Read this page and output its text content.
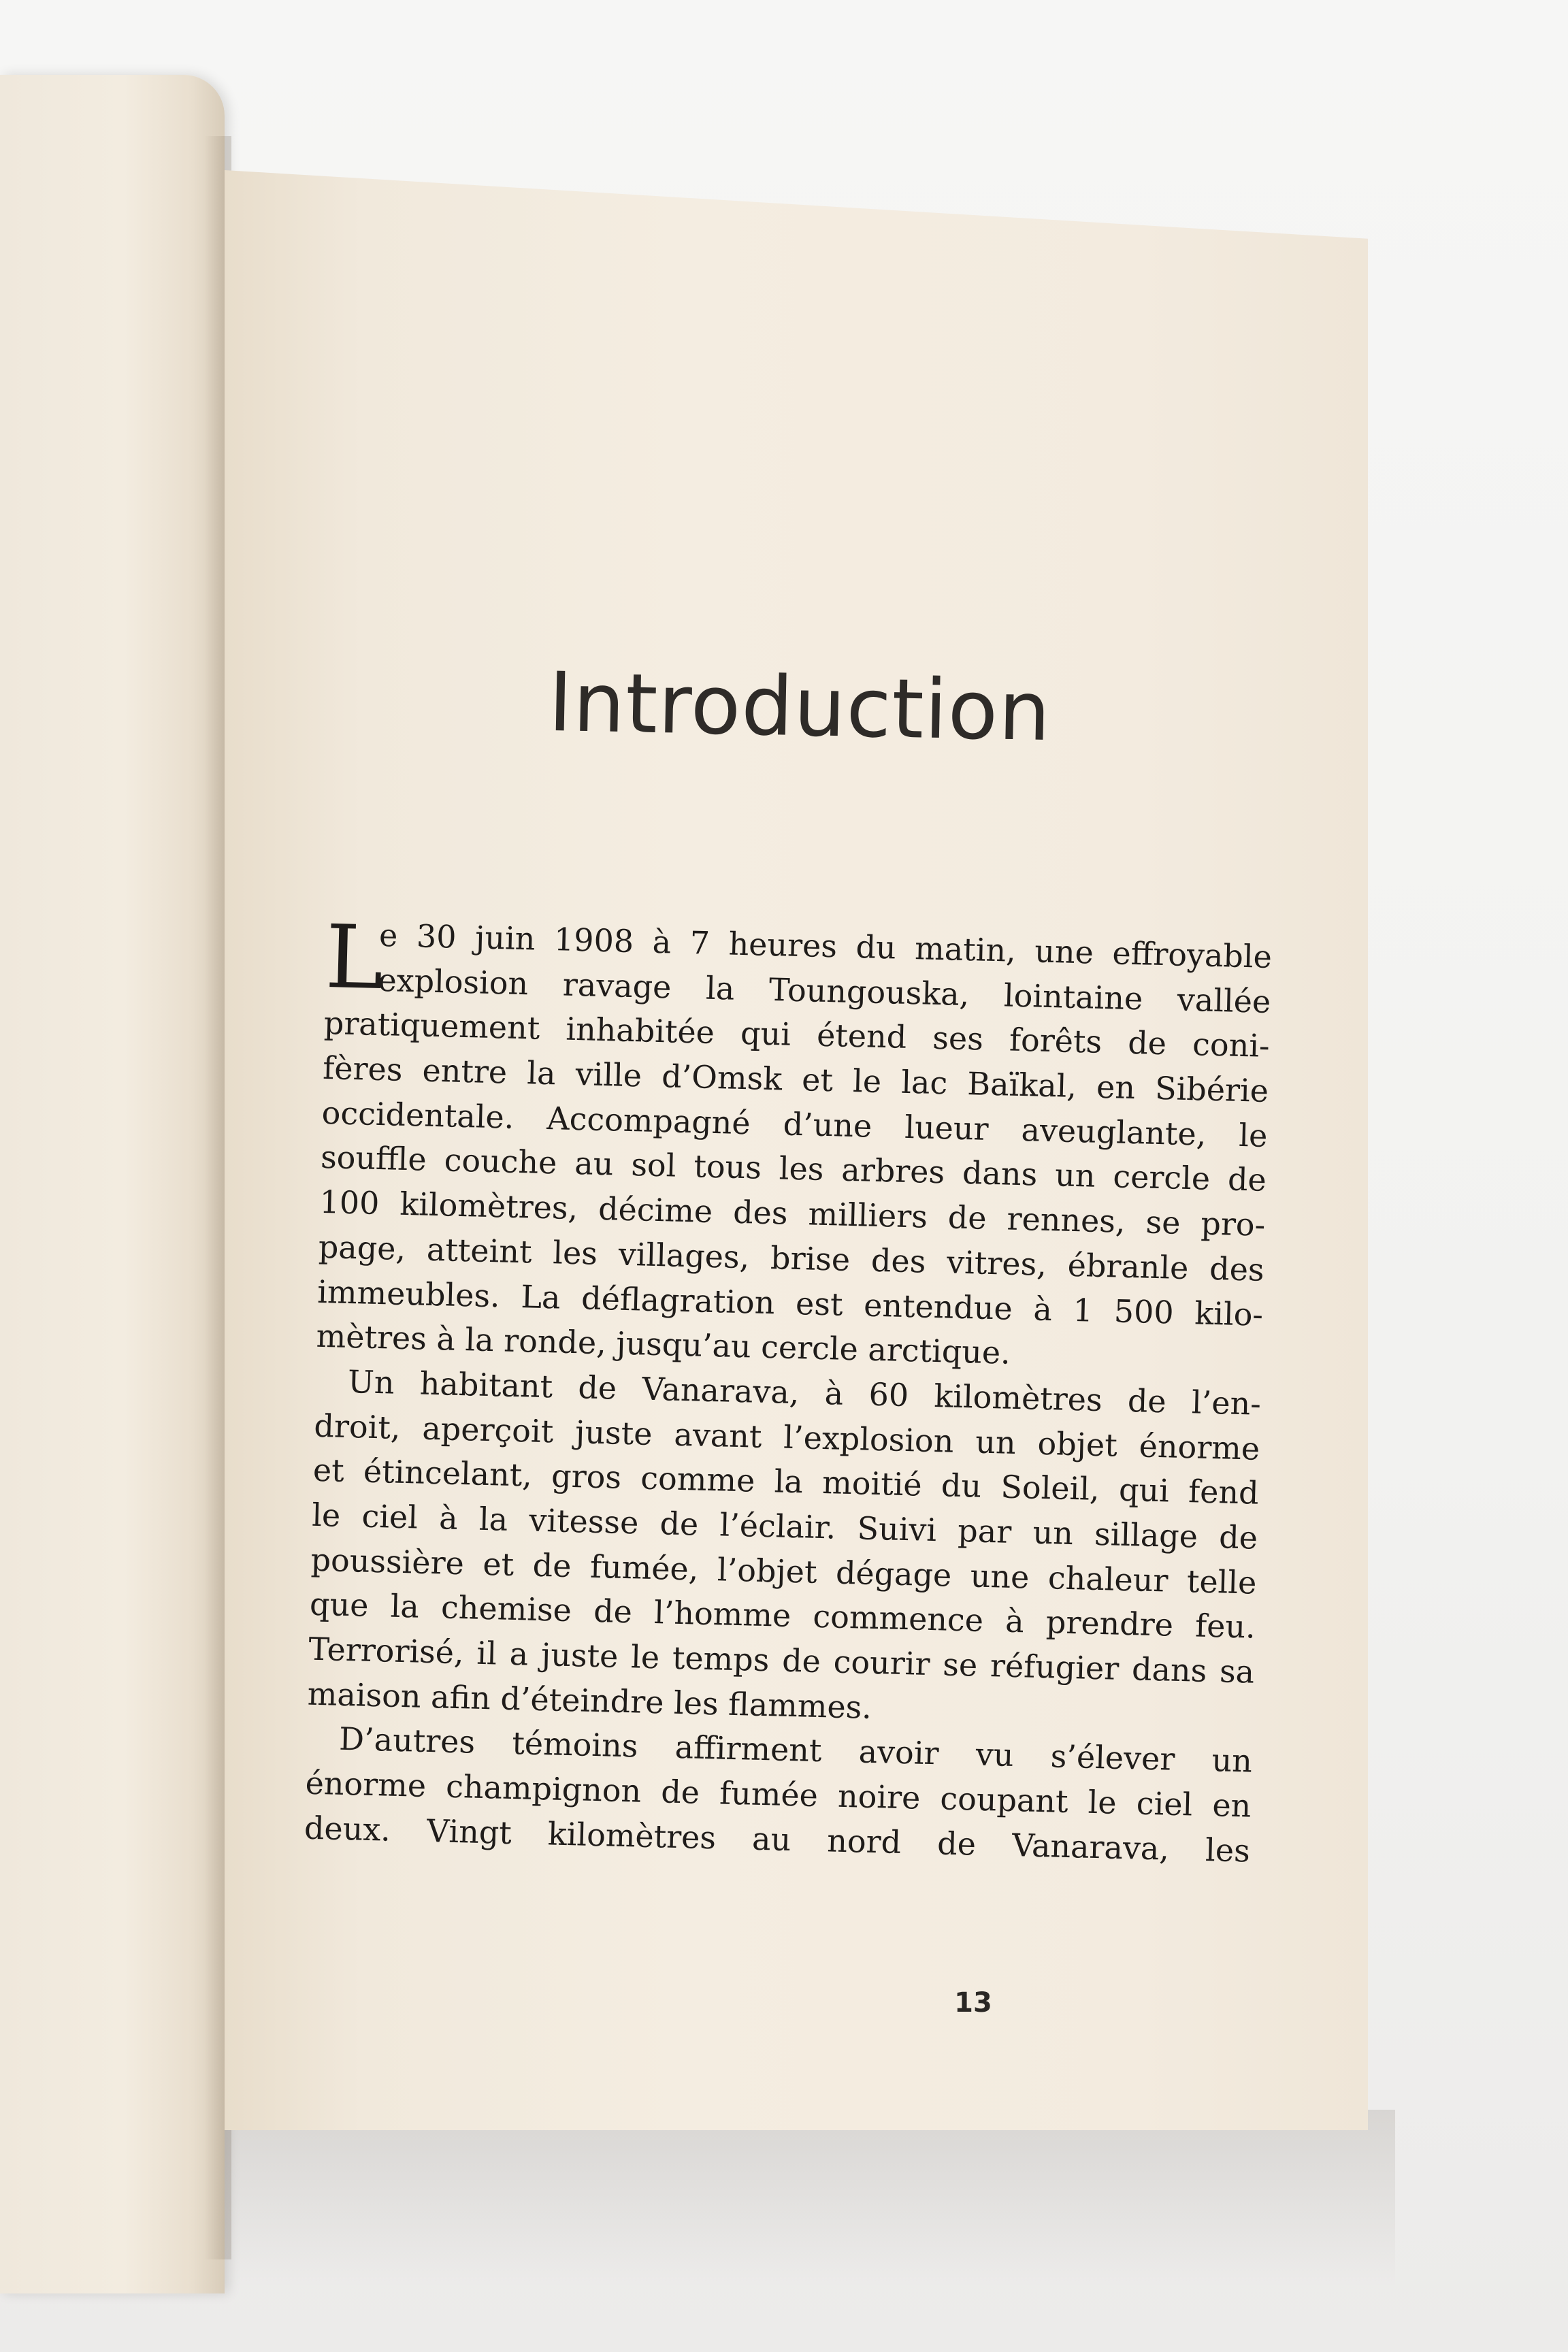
Introduction
L
e 30 juin 1908 à 7 heures du matin, une effroyable
explosion ravage la Toungouska, lointaine vallée
pratiquement inhabitée qui étend ses forêts de coni-
fères entre la ville d’Omsk et le lac Baïkal, en Sibérie
occidentale. Accompagné d’une lueur aveuglante, le
souffle couche au sol tous les arbres dans un cercle de
100 kilomètres, décime des milliers de rennes, se pro-
page, atteint les villages, brise des vitres, ébranle des
immeubles. La déflagration est entendue à 1 500 kilo-
mètres à la ronde, jusqu’au cercle arctique.
Un habitant de Vanarava, à 60 kilomètres de l’en-
droit, aperçoit juste avant l’explosion un objet énorme
et étincelant, gros comme la moitié du Soleil, qui fend
le ciel à la vitesse de l’éclair. Suivi par un sillage de
poussière et de fumée, l’objet dégage une chaleur telle
que la chemise de l’homme commence à prendre feu.
Terrorisé, il a juste le temps de courir se réfugier dans sa
maison afin d’éteindre les flammes.
D’autres témoins affirment avoir vu s’élever un
énorme champignon de fumée noire coupant le ciel en
deux. Vingt kilomètres au nord de Vanarava, les
13
